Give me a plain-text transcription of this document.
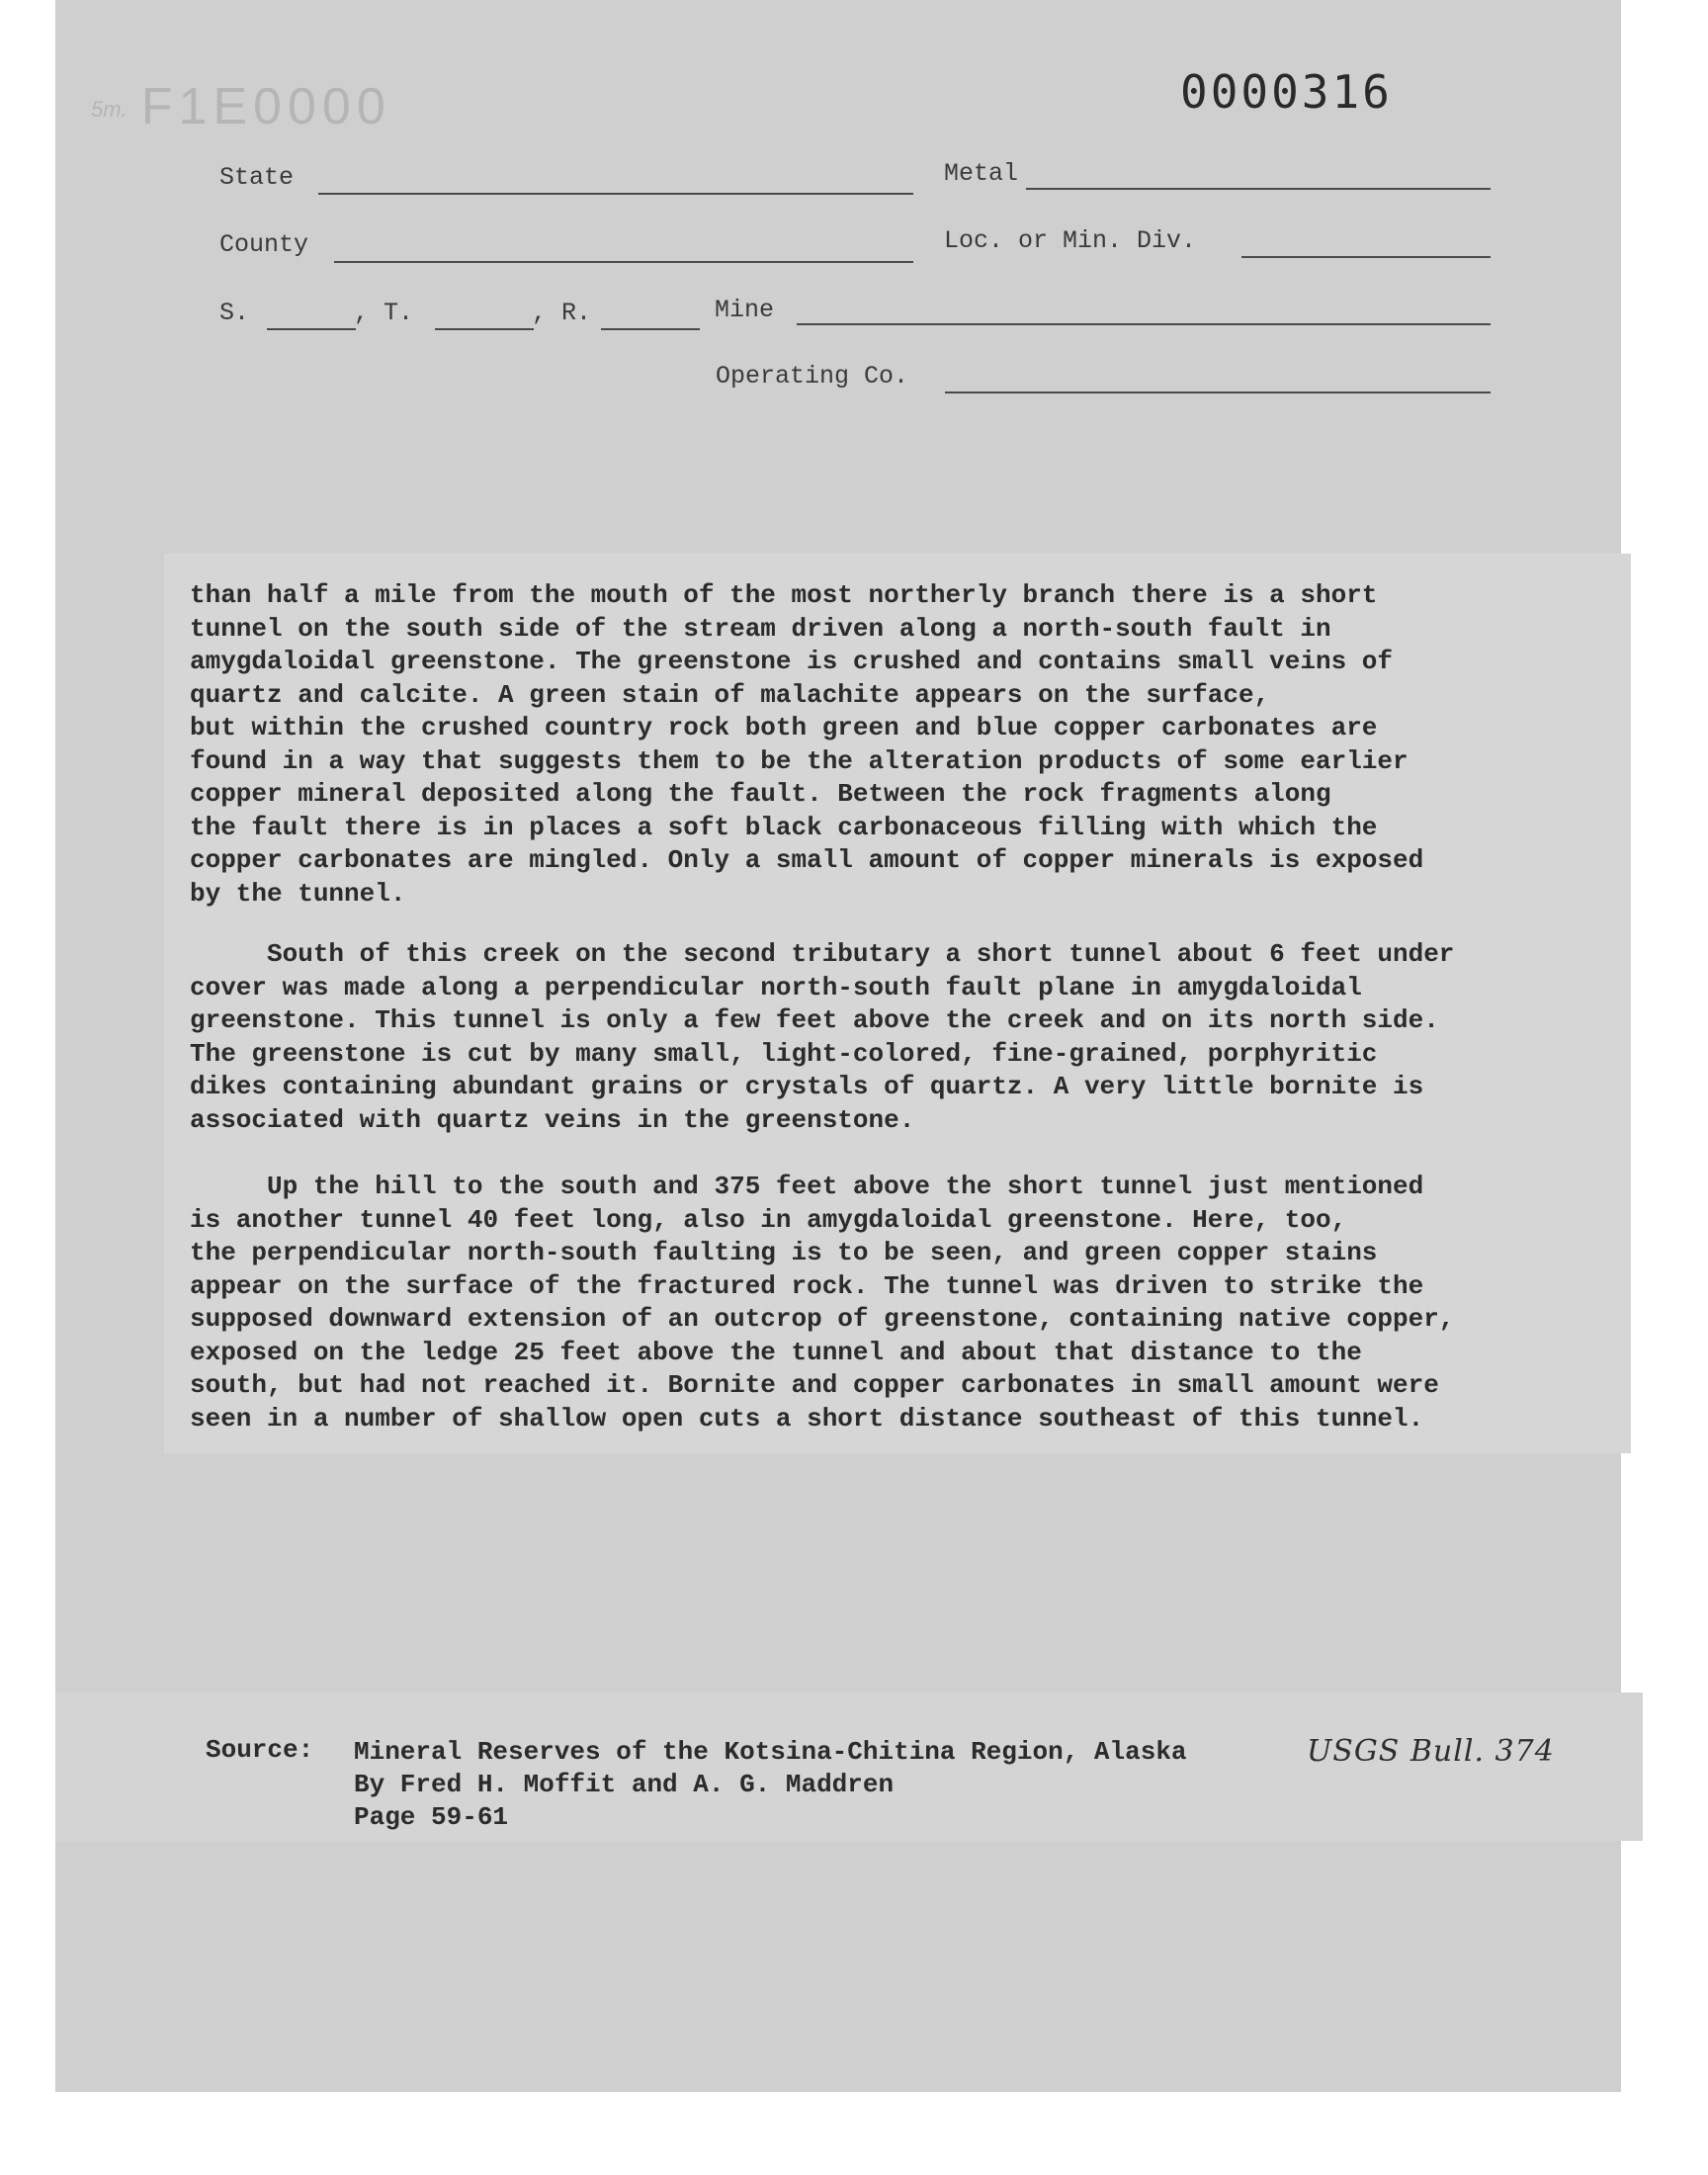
5m. F1E0000	0000316
State	Metal
County	Loc. or Min. Div.
S.	, T.	, R.	Mine
Operating Co.
than half a mile from the mouth of the most northerly branch there is a short
tunnel on the south side of the stream driven along a north-south fault in
amygdaloidal greenstone. The greenstone is crushed and contains small veins of
quartz and calcite. A green stain of malachite appears on the surface,
but within the crushed country rock both green and blue copper carbonates are
found in a way that suggests them to be the alteration products of some earlier
copper mineral deposited along the fault. Between the rock fragments along
the fault there is in places a soft black carbonaceous filling with which the
copper carbonates are mingled. Only a small amount of copper minerals is exposed
by the tunnel.
South of this creek on the second tributary a short tunnel about 6 feet under
cover was made along a perpendicular north-south fault plane in amygdaloidal
greenstone. This tunnel is only a few feet above the creek and on its north side.
The greenstone is cut by many small, light-colored, fine-grained, porphyritic
dikes containing abundant grains or crystals of quartz. A very little bornite is
associated with quartz veins in the greenstone.
Up the hill to the south and 375 feet above the short tunnel just mentioned
is another tunnel 40 feet long, also in amygdaloidal greenstone. Here, too,
the perpendicular north-south faulting is to be seen, and green copper stains
appear on the surface of the fractured rock. The tunnel was driven to strike the
supposed downward extension of an outcrop of greenstone, containing native copper,
exposed on the ledge 25 feet above the tunnel and about that distance to the
south, but had not reached it. Bornite and copper carbonates in small amount were
seen in a number of shallow open cuts a short distance southeast of this tunnel.
Source: Mineral Reserves of the Kotsina-Chitina Region, Alaska
By Fred H. Moffit and A. G. Maddren
Page 59-61
USGS Bull. 374
